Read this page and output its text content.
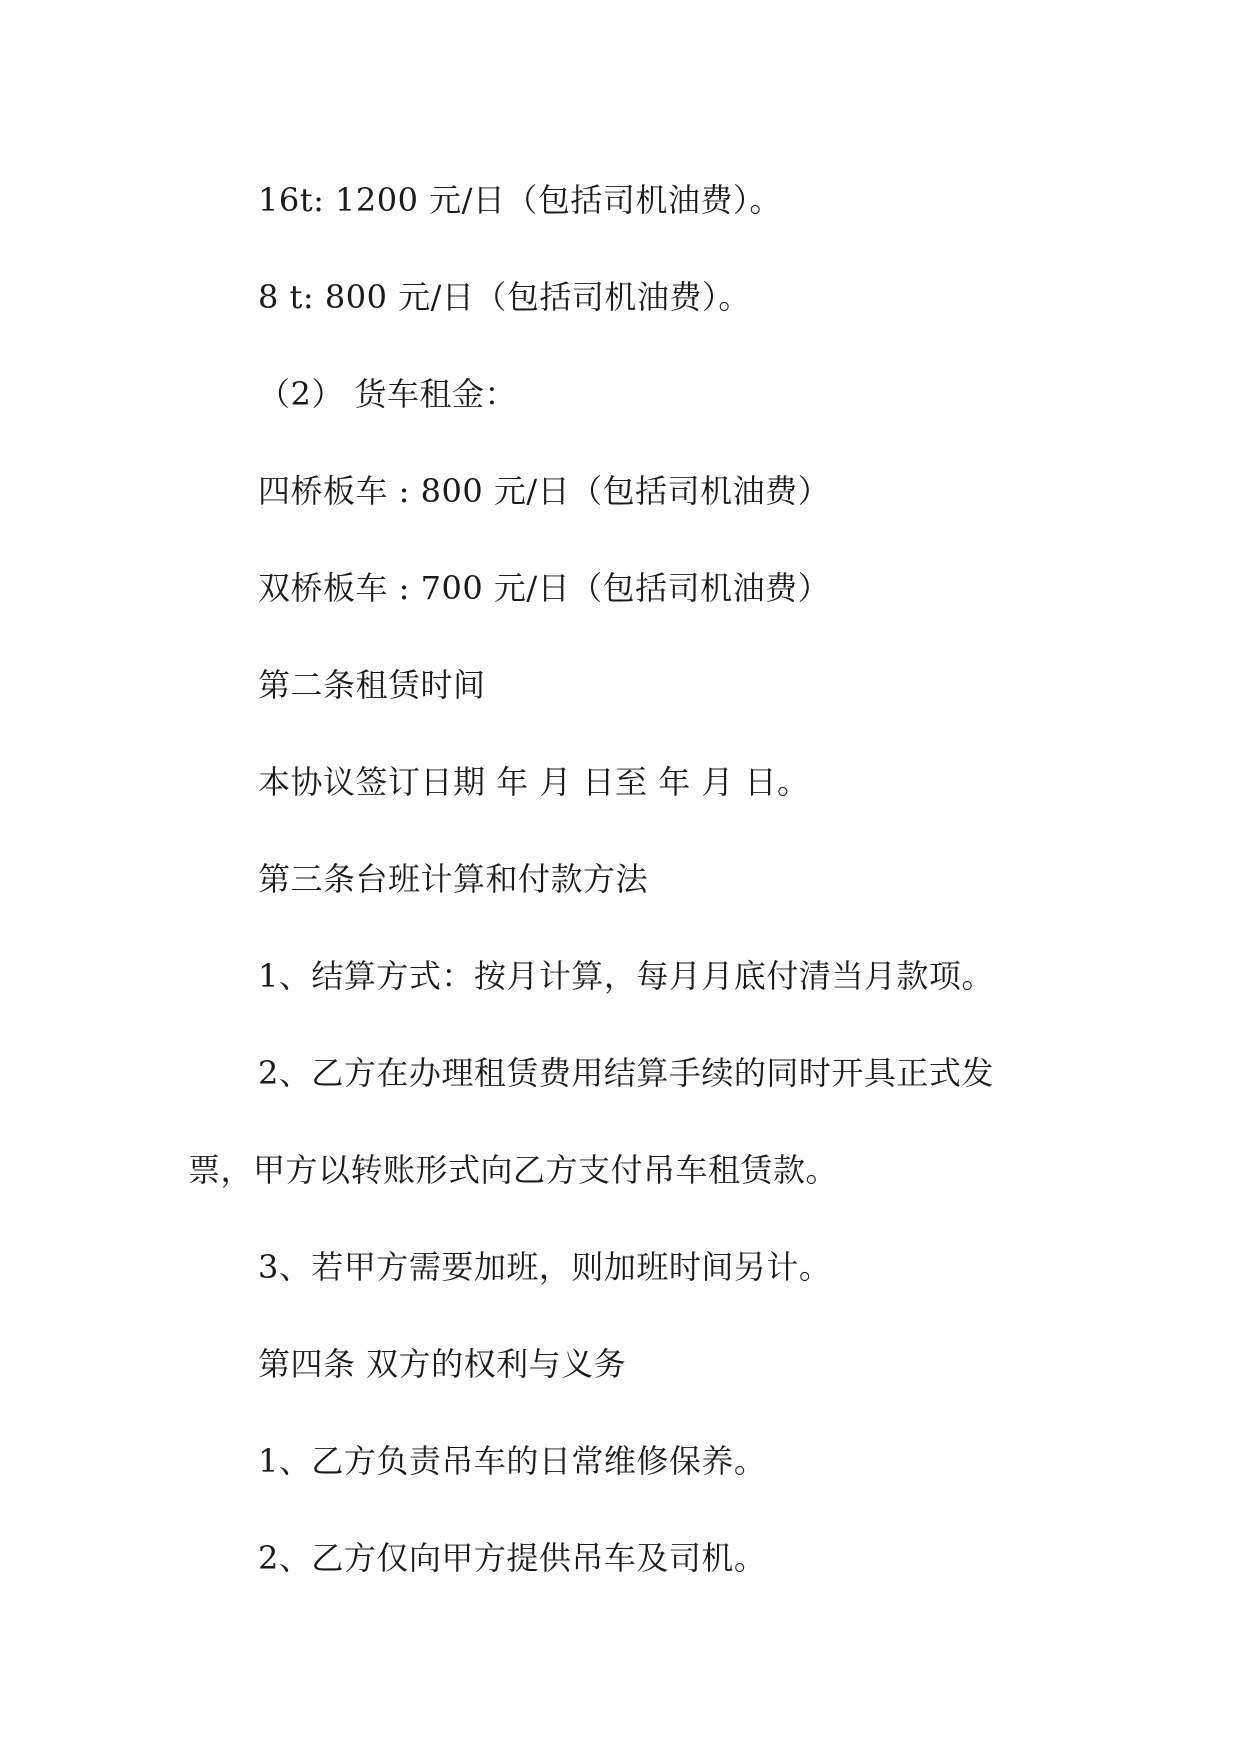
16t: 1200 元/日（包括司机油费）。
8 t: 800 元/日（包括司机油费）。
（2） 货车租金：
四桥板车 : 800 元/日（包括司机油费）
双桥板车 : 700 元/日（包括司机油费）
第二条租赁时间
本协议签订日期 年 月 日至 年 月 日。
第三条台班计算和付款方法
1、结算方式：按月计算，每月月底付清当月款项。
2、乙方在办理租赁费用结算手续的同时开具正式发
票，甲方以转账形式向乙方支付吊车租赁款。
3、若甲方需要加班，则加班时间另计。
第四条 双方的权利与义务
1、乙方负责吊车的日常维修保养。
2、乙方仅向甲方提供吊车及司机。
